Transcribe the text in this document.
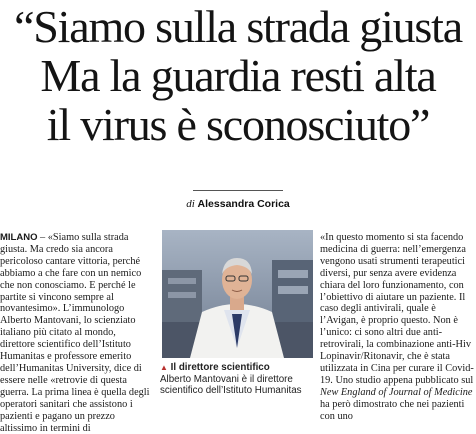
“Siamo sulla strada giusta
Ma la guardia resti alta
il virus è sconosciuto”
di Alessandra Corica

MILANO – «Siamo sulla strada giusta. Ma credo sia ancora pericoloso cantare vittoria, perché abbiamo a che fare con un nemico che non conosciamo. E perché le partite si vincono sempre al novantesimo». L’immunologo Alberto Mantovani, lo scienziato italiano più citato al mondo, direttore scientifico dell’Istituto Humanitas e professore emerito dell’Humanitas University, dice di essere nelle «retrovie di questa guerra. La prima linea è quella degli operatori sanitari che assistono i pazienti e pagano un prezzo altissimo in termini di

▲ Il direttore scientifico
Alberto Mantovani è il direttore scientifico dell’Istituto Humanitas

«In questo momento si sta facendo medicina di guerra: nell’emergenza vengono usati strumenti terapeutici diversi, pur senza avere evidenza chiara del loro funzionamento, con l’obiettivo di aiutare un paziente. Il caso degli antivirali, quale è l’Avigan, è proprio questo. Non è l’unico: ci sono altri due anti-retrovirali, la combinazione anti-Hiv Lopinavir/Ritonavir, che è stata utilizzata in Cina per curare il Covid-19. Uno studio appena pubblicato sul New England of Journal of Medicine ha però dimostrato che nei pazienti con uno
